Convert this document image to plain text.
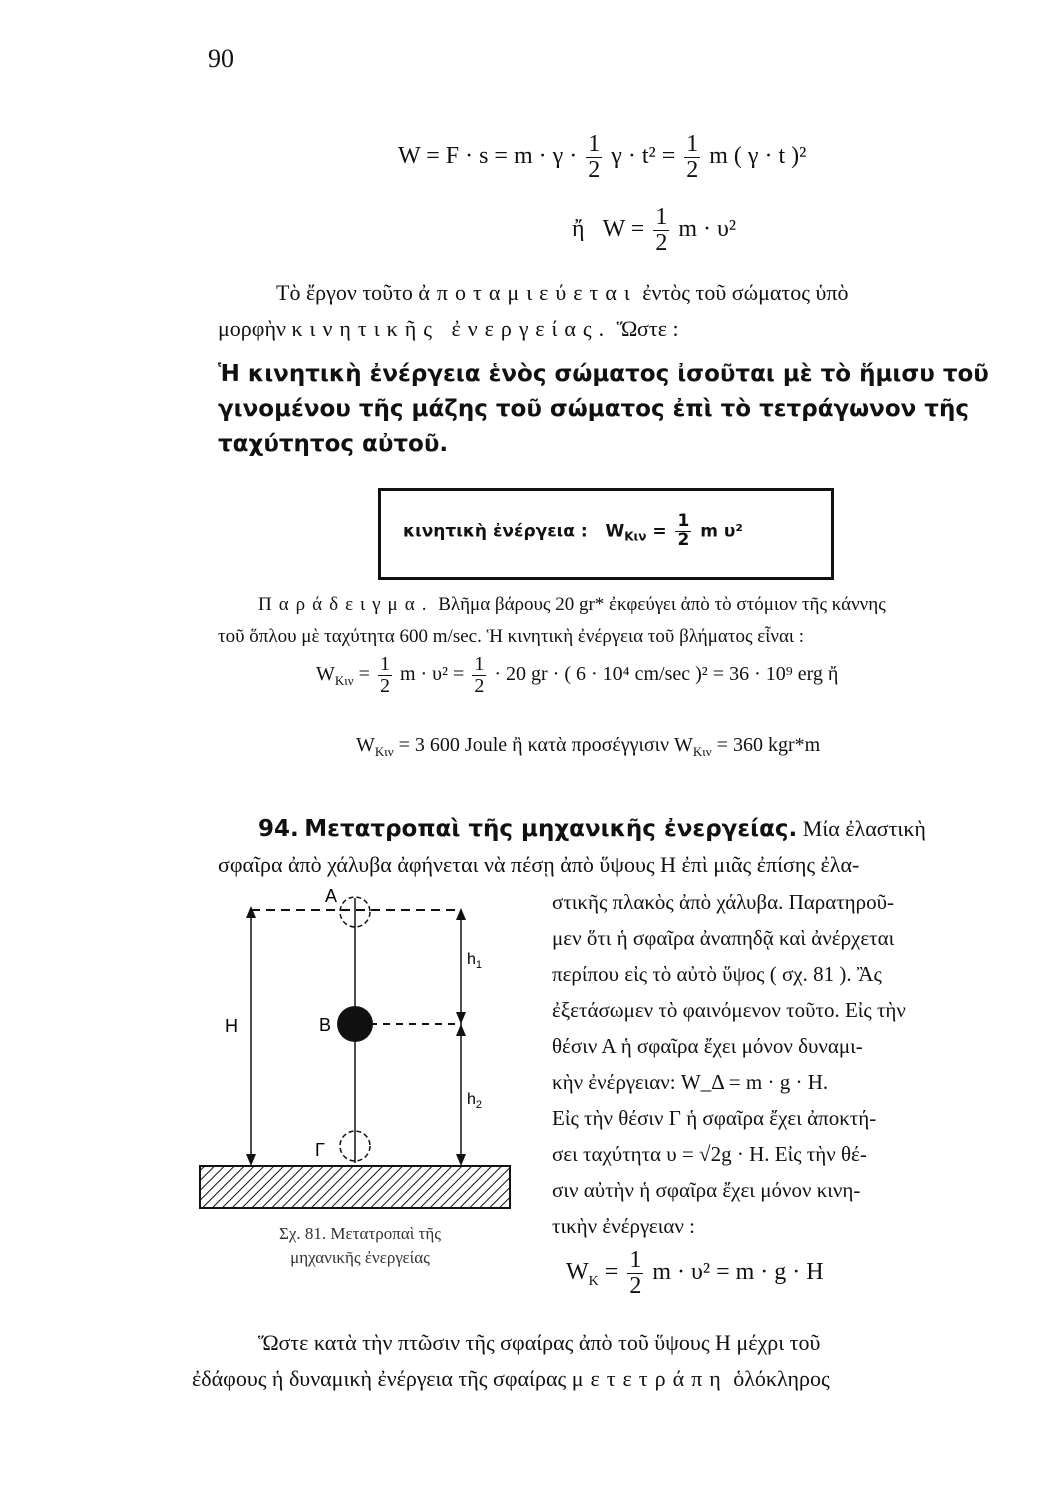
90
$W = F \cdot s = m \cdot \gamma \cdot \frac{1}{2}$ $\gamma \cdot t^2 = \frac{1}{2}$ m ( γ · t )²
ἤ $W = \frac{1}{2}$ m · υ²
Τὸ ἔργον τοῦτο ἀποταμιεύεται ἐντὸς τοῦ σώματος ὑπὸ
μορφὴν κινητικῆς ἐνεργείας. Ὥστε :
Ἡ κινητικὴ ἐνέργεια ἑνὸς σώματος ἰσοῦται μὲ τὸ ἥμισυ τοῦ γινομένου τῆς μάζης τοῦ σώματος ἐπὶ τὸ τετράγωνον τῆς ταχύτητος αὐτοῦ.
κινητικὴ ἐνέργεια : $W_{K\iota\nu} = \frac{1}{2}$ m υ²
Παράδειγμα. Βλῆμα βάρους 20 gr* ἐκφεύγει ἀπὸ τὸ στόμιον τῆς κάννης
τοῦ ὅπλου μὲ ταχύτητα 600 m/sec. Ἡ κινητικὴ ἐνέργεια τοῦ βλήματος εἶναι :
$W_{K\iota\nu} = \frac{1}{2}$ $m \cdot \upsilon^2 = \frac{1}{2} \cdot 20$ gr · ( 6 · 10⁴ cm/sec )² = 36 · 10⁹ erg ἤ
$W_{K\iota\nu} = 3$ 600 Joule ἢ κατὰ προσέγγισιν $W_{K\iota\nu} = 360$ kgr*m
94. Μετατροπαὶ τῆς μηχανικῆς ἐνεργείας. Μία ἐλαστικὴ
σφαῖρα ἀπὸ χάλυβα ἀφήνεται νὰ πέσῃ ἀπὸ ὕψους Η ἐπὶ μιᾶς ἐπίσης ἐλα-
στικῆς πλακὸς ἀπὸ χάλυβα. Παρατηροῦ-
μεν ὅτι ἡ σφαῖρα ἀναπηδᾷ καὶ ἀνέρχεται
περίπου εἰς τὸ αὐτὸ ὕψος ( σχ. 81 ). Ἂς
ἐξετάσωμεν τὸ φαινόμενον τοῦτο. Εἰς τὴν
θέσιν Α ἡ σφαῖρα ἔχει μόνον δυναμι-
κὴν ἐνέργειαν: W_Δ = m · g · H.
Εἰς τὴν θέσιν Γ ἡ σφαῖρα ἔχει ἀποκτή-
σει ταχύτητα υ = √2g · H. Εἰς τὴν θέ-
σιν αὐτὴν ἡ σφαῖρα ἔχει μόνον κινη-
τικὴν ἐνέργειαν :
$W_K = \frac{1}{2}$ m · υ² = m · g · H
Α
Β
Γ
Η
$h_1$
$h_2$
Σχ. 81. Μετατροπαὶ τῆς
μηχανικῆς ἐνεργείας
Ὥστε κατὰ τὴν πτῶσιν τῆς σφαίρας ἀπὸ τοῦ ὕψους Η μέχρι τοῦ
ἐδάφους ἡ δυναμικὴ ἐνέργεια τῆς σφαίρας μετετράπη ὁλόκληρος
